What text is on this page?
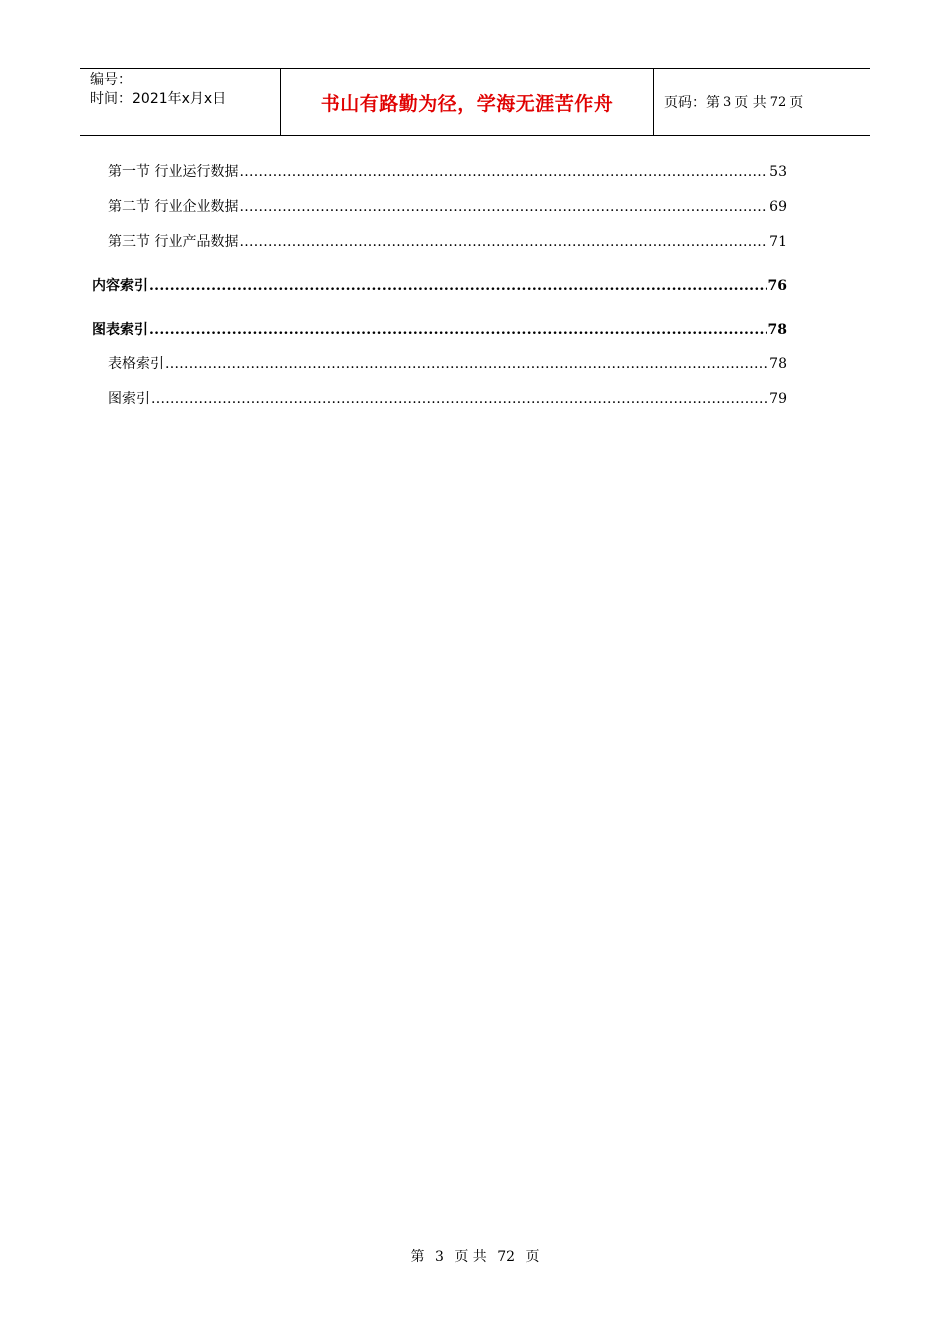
编号：
时间：2021年x月x日	书山有路勤为径，学海无涯苦作舟	页码：第 3 页 共 72 页
第一节 行业运行数据 .....	53
第二节 行业企业数据 .....	69
第三节 行业产品数据 .....	71
内容索引 .....	76
图表索引 .....	78
表格索引 .....	78
图索引 .....	79
第 3 页 共 72 页
